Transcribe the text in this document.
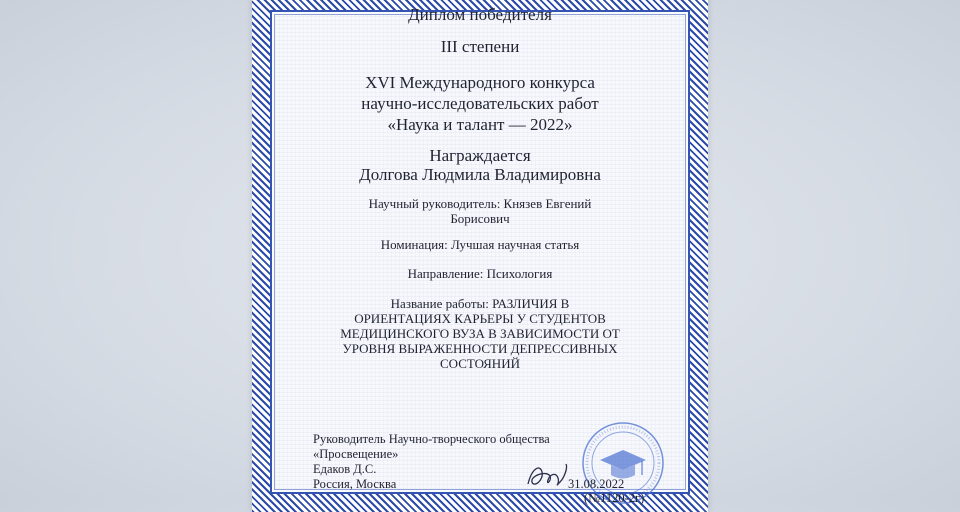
Диплом победителя
III степени
XVI Международного конкурса
научно-исследовательских работ
«Наука и талант — 2022»
Награждается
Долгова Людмила Владимировна
Научный руководитель: Князев Евгений
Борисович
Номинация: Лучшая научная статья
Направление: Психология
Название работы: РАЗЛИЧИЯ В
ОРИЕНТАЦИЯХ КАРЬЕРЫ У СТУДЕНТОВ
МЕДИЦИНСКОГО ВУЗА В ЗАВИСИМОСТИ ОТ
УРОВНЯ ВЫРАЖЕННОСТИ ДЕПРЕССИВНЫХ
СОСТОЯНИЙ
Руководитель Научно-творческого общества
«Просвещение»
Едаков Д.С.
Россия, Москва	31.08.2022
(№1120-2г)
